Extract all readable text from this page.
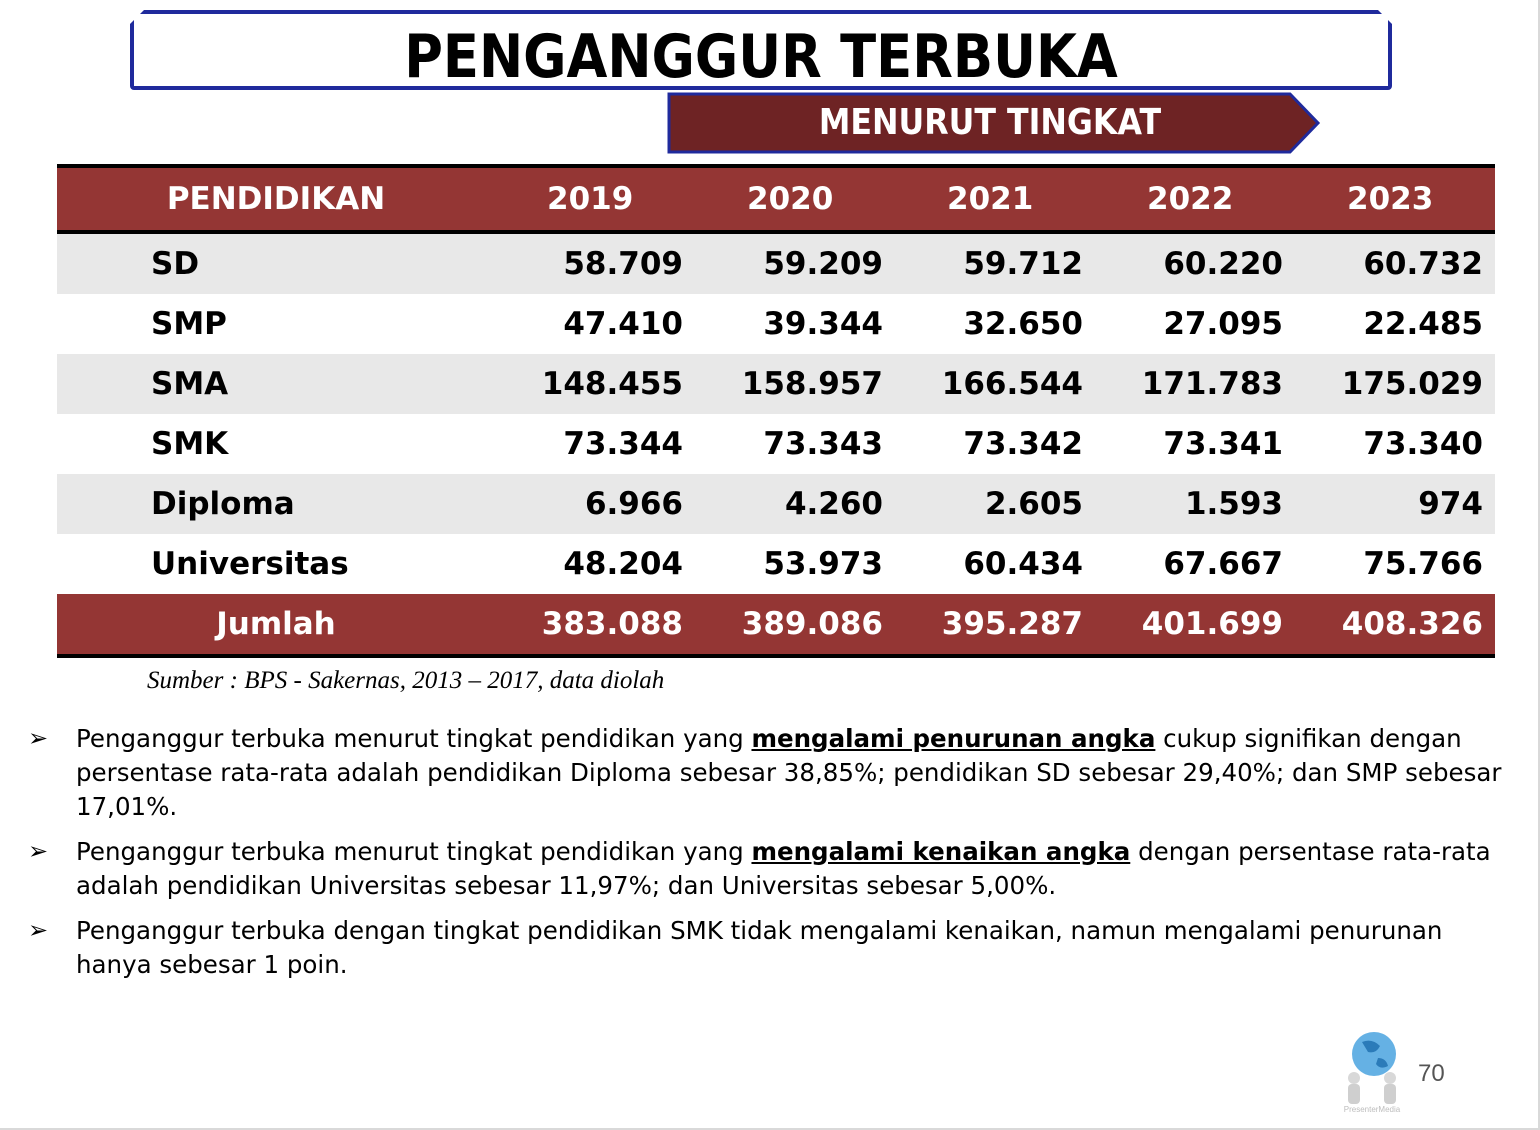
PENGANGGUR TERBUKA
MENURUT TINGKAT PENDIDIKAN
PENDIDIKAN	2019	2020	2021	2022	2023
SD	58.709	59.209	59.712	60.220	60.732
SMP	47.410	39.344	32.650	27.095	22.485
SMA	148.455	158.957	166.544	171.783	175.029
SMK	73.344	73.343	73.342	73.341	73.340
Diploma	6.966	4.260	2.605	1.593	974
Universitas	48.204	53.973	60.434	67.667	75.766
Jumlah	383.088	389.086	395.287	401.699	408.326
Sumber : BPS - Sakernas, 2013 – 2017, data diolah
➢	Penganggur terbuka menurut tingkat pendidikan yang mengalami penurunan angka cukup signifikan dengan persentase rata-rata adalah pendidikan Diploma sebesar 38,85%; pendidikan SD sebesar 29,40%; dan SMP sebesar 17,01%.
➢	Penganggur terbuka menurut tingkat pendidikan yang mengalami kenaikan angka dengan persentase rata-rata adalah pendidikan Universitas sebesar 11,97%; dan Universitas sebesar 5,00%.
➢	Penganggur terbuka dengan tingkat pendidikan SMK tidak mengalami kenaikan, namun mengalami penurunan hanya sebesar 1 poin.
PresenterMedia
70
